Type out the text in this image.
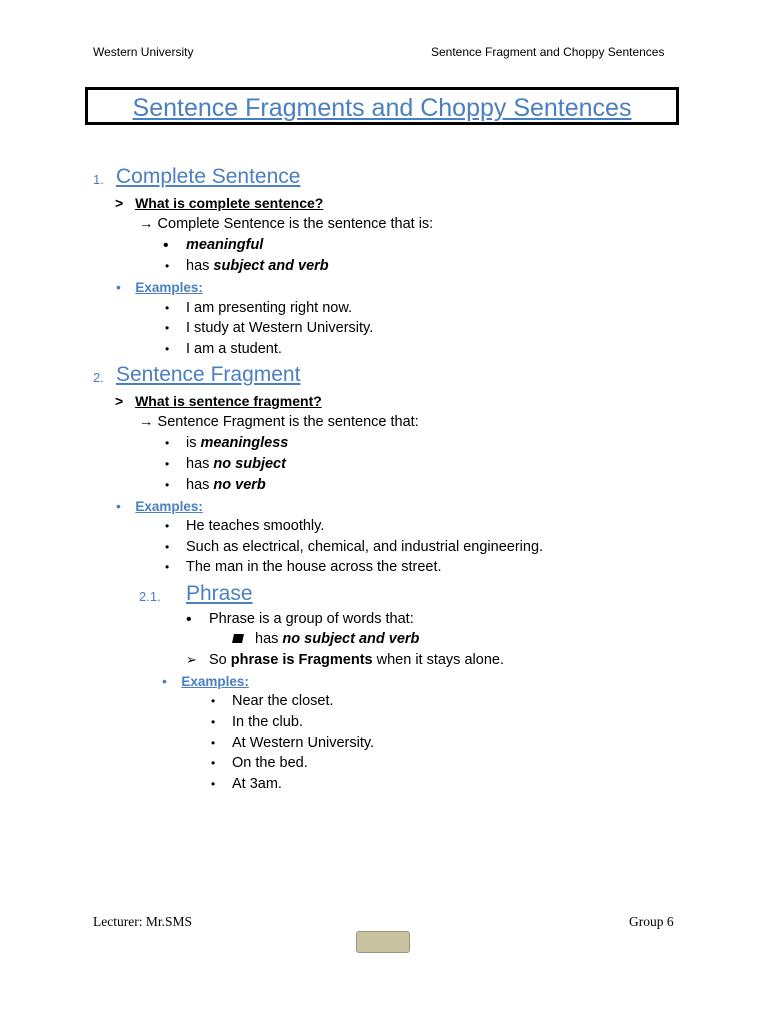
Western University	Sentence Fragment and Choppy Sentences
Sentence Fragments and Choppy Sentences
1. Complete Sentence
> What is complete sentence?
→ Complete Sentence is the sentence that is:
• meaningful
• has subject and verb
• Examples:
• I am presenting right now.
• I study at Western University.
• I am a student.
2. Sentence Fragment
> What is sentence fragment?
→ Sentence Fragment is the sentence that:
• is meaningless
• has no subject
• has no verb
• Examples:
• He teaches smoothly.
• Such as electrical, chemical, and industrial engineering.
• The man in the house across the street.
2.1. Phrase
• Phrase is a group of words that:
has no subject and verb
➢ So phrase is Fragments when it stays alone.
• Examples:
• Near the closet.
• In the club.
• At Western University.
• On the bed.
• At 3am.
Lecturer: Mr.SMS	Group 6
